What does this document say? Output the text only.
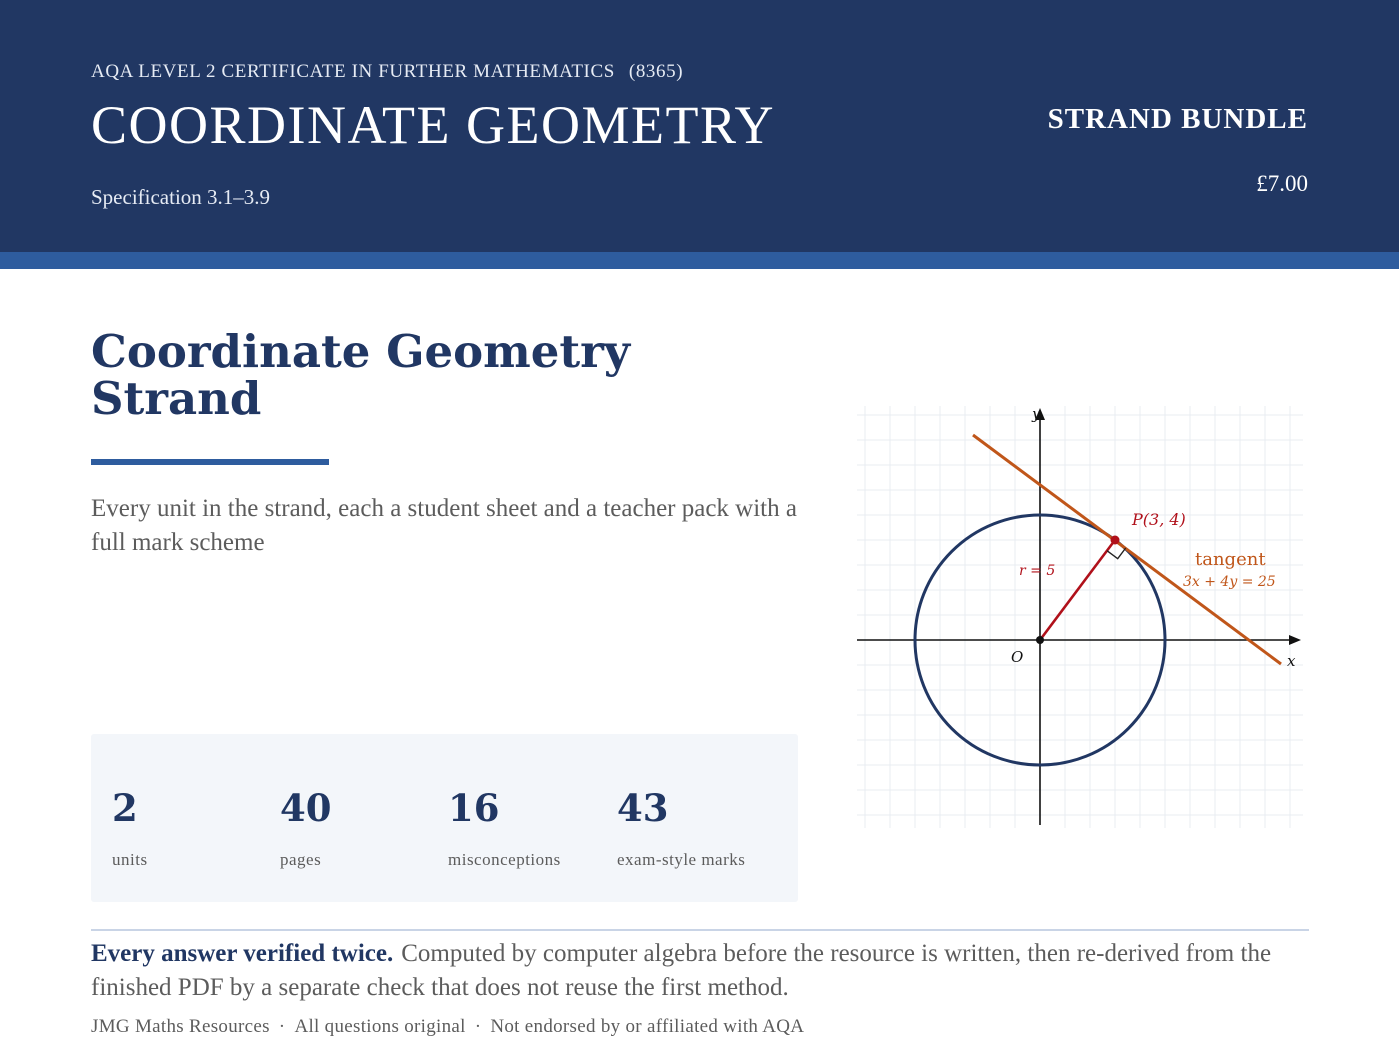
AQA LEVEL 2 CERTIFICATE IN FURTHER MATHEMATICS (8365)
COORDINATE GEOMETRY
Specification 3.1–3.9
STRAND BUNDLE
£7.00
Coordinate Geometry Strand

Every unit in the strand, each a student sheet and a teacher pack with a full mark scheme

2
units
40
pages
16
misconceptions
43
exam-style marks
y
x
O
r = 5
P(3, 4)
tangent
3x + 4y = 25

Every answer verified twice. Computed by computer algebra before the resource is written, then re-derived from the finished PDF by a separate check that does not reuse the first method.

JMG Maths Resources · All questions original · Not endorsed by or affiliated with AQA
